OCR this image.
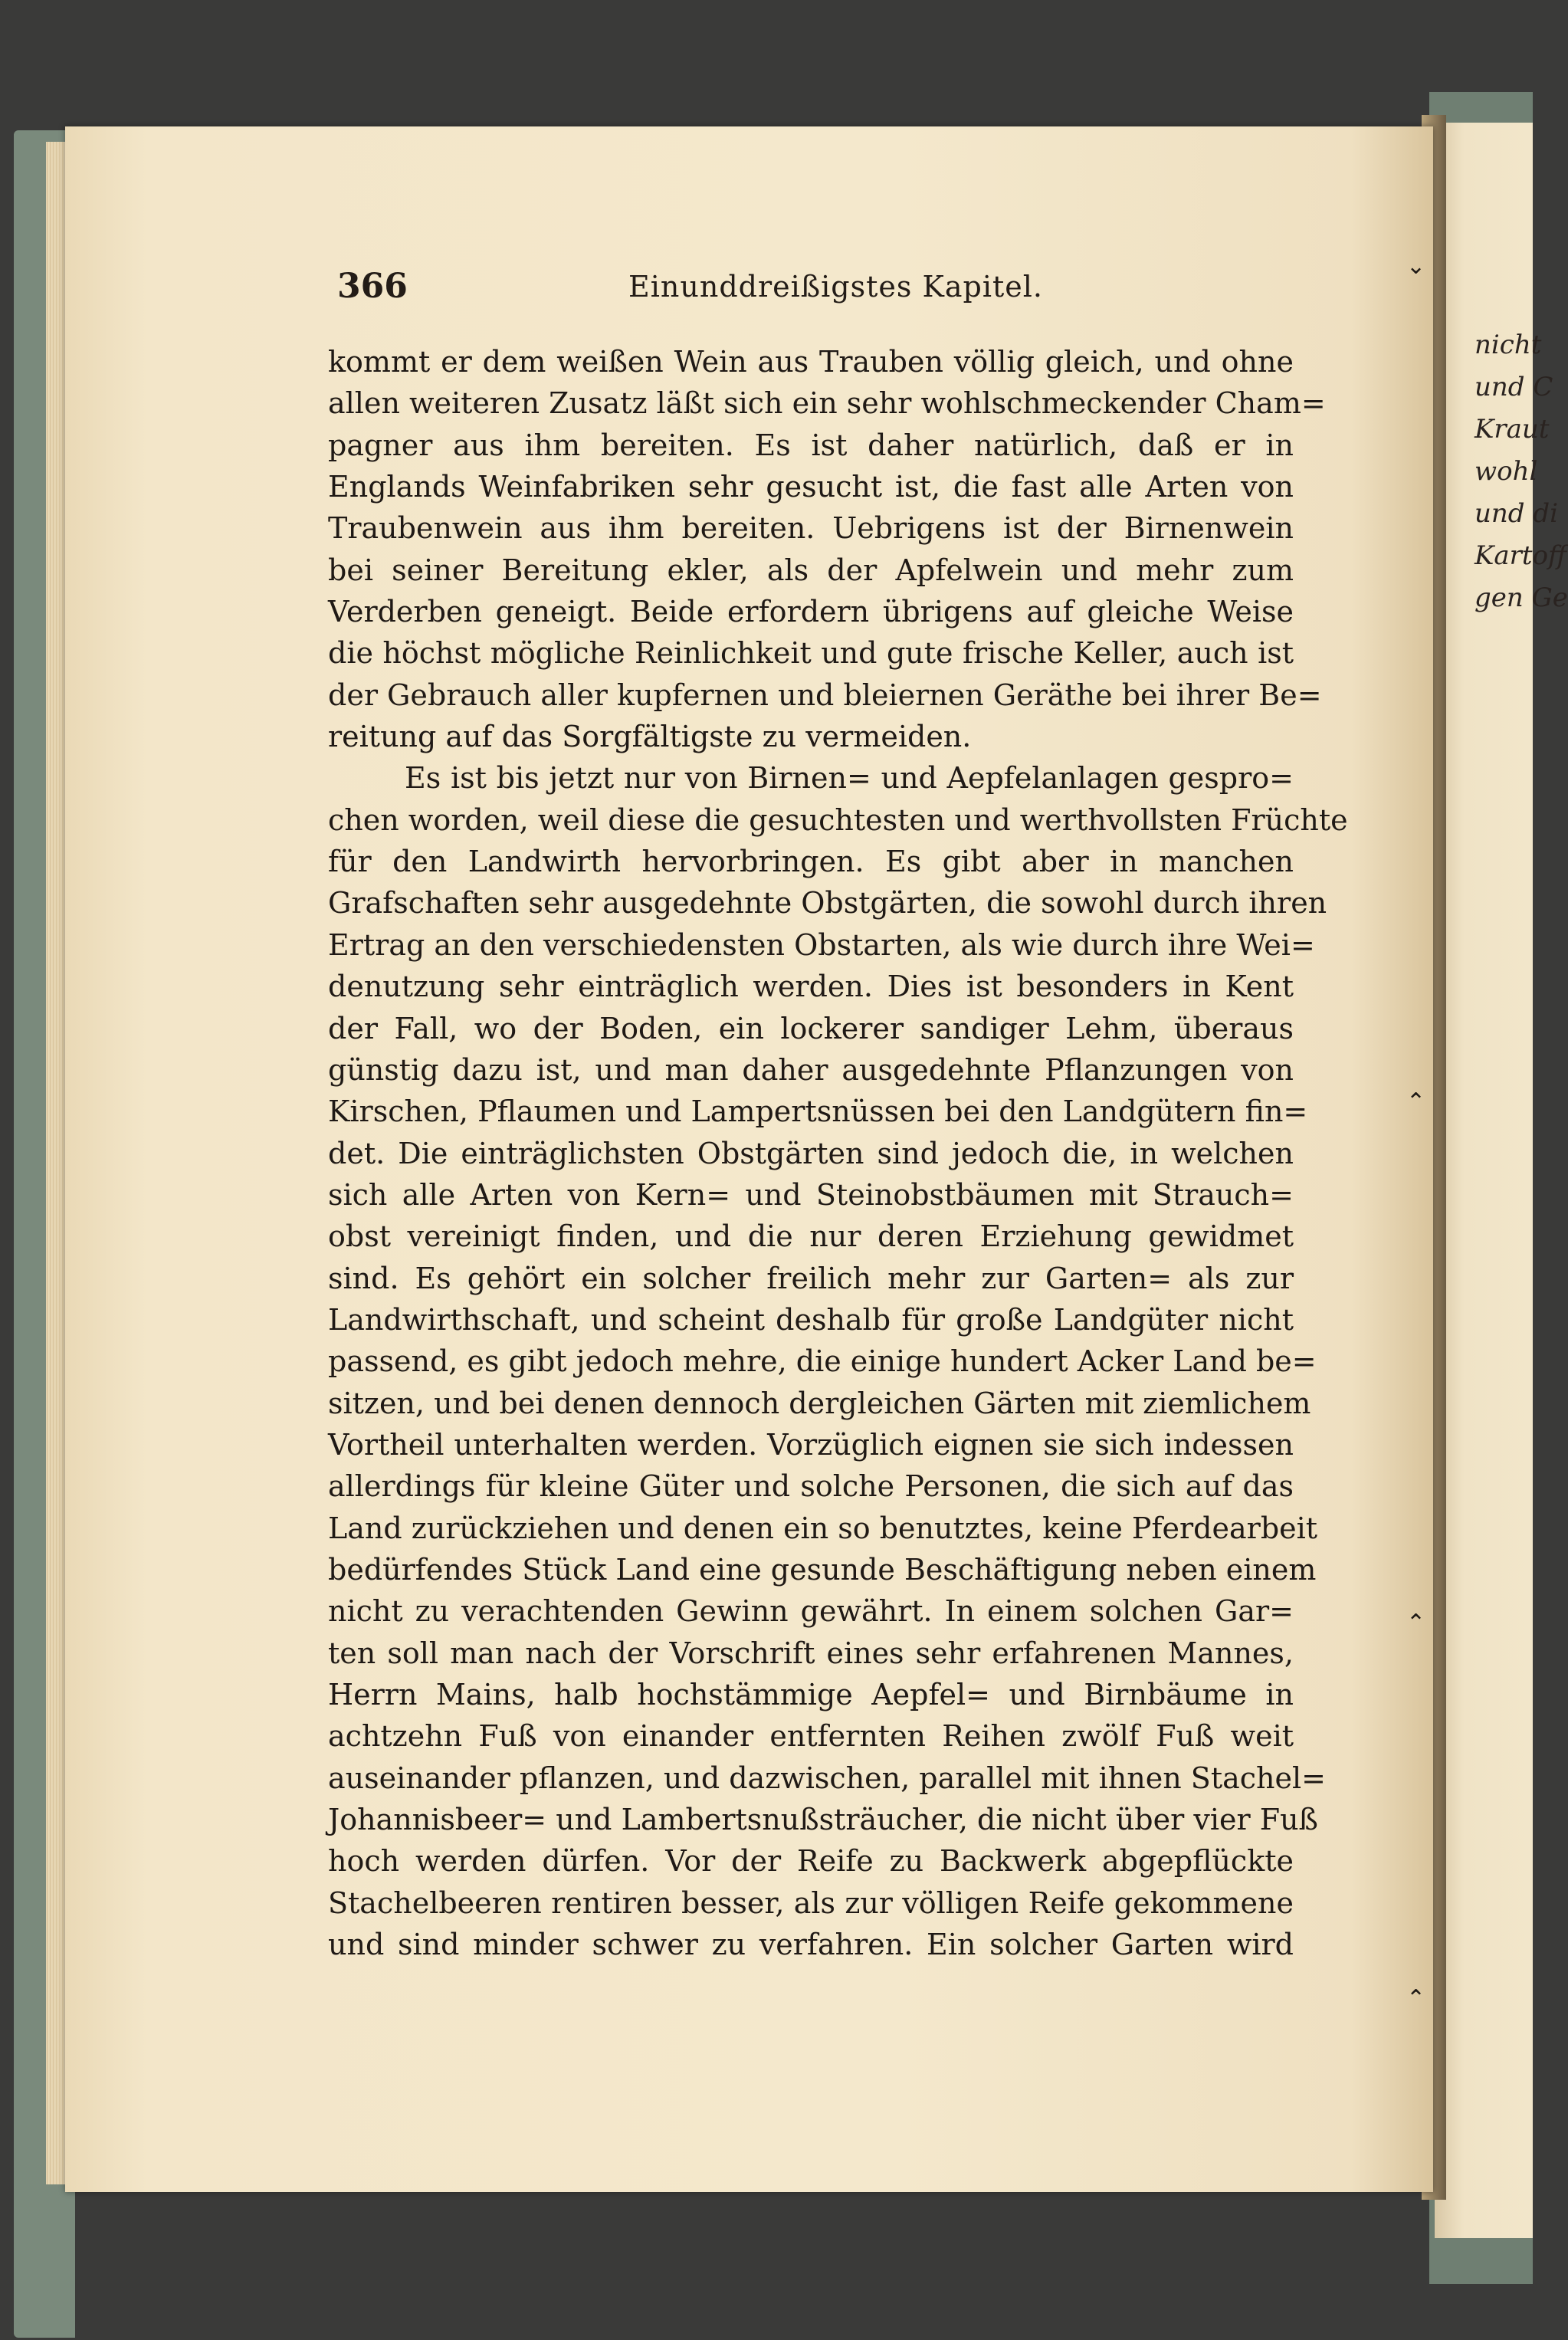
nicht
und C
Kraut
wohl
und di
Kartoff
gen Ge
⌄
⌃
⌃
⌃
366	Einunddreißigstes Kapitel.
kommt er dem weißen Wein aus Trauben völlig gleich, und ohne
allen weiteren Zusatz läßt sich ein sehr wohlschmeckender Cham=
pagner aus ihm bereiten. Es ist daher natürlich, daß er in
Englands Weinfabriken sehr gesucht ist, die fast alle Arten von
Traubenwein aus ihm bereiten. Uebrigens ist der Birnenwein
bei seiner Bereitung ekler, als der Apfelwein und mehr zum
Verderben geneigt. Beide erfordern übrigens auf gleiche Weise
die höchst mögliche Reinlichkeit und gute frische Keller, auch ist
der Gebrauch aller kupfernen und bleiernen Geräthe bei ihrer Be=
reitung auf das Sorgfältigste zu vermeiden.
Es ist bis jetzt nur von Birnen= und Aepfelanlagen gespro=
chen worden, weil diese die gesuchtesten und werthvollsten Früchte
für den Landwirth hervorbringen. Es gibt aber in manchen
Grafschaften sehr ausgedehnte Obstgärten, die sowohl durch ihren
Ertrag an den verschiedensten Obstarten, als wie durch ihre Wei=
denutzung sehr einträglich werden. Dies ist besonders in Kent
der Fall, wo der Boden, ein lockerer sandiger Lehm, überaus
günstig dazu ist, und man daher ausgedehnte Pflanzungen von
Kirschen, Pflaumen und Lampertsnüssen bei den Landgütern fin=
det. Die einträglichsten Obstgärten sind jedoch die, in welchen
sich alle Arten von Kern= und Steinobstbäumen mit Strauch=
obst vereinigt finden, und die nur deren Erziehung gewidmet
sind. Es gehört ein solcher freilich mehr zur Garten= als zur
Landwirthschaft, und scheint deshalb für große Landgüter nicht
passend, es gibt jedoch mehre, die einige hundert Acker Land be=
sitzen, und bei denen dennoch dergleichen Gärten mit ziemlichem
Vortheil unterhalten werden. Vorzüglich eignen sie sich indessen
allerdings für kleine Güter und solche Personen, die sich auf das
Land zurückziehen und denen ein so benutztes, keine Pferdearbeit
bedürfendes Stück Land eine gesunde Beschäftigung neben einem
nicht zu verachtenden Gewinn gewährt. In einem solchen Gar=
ten soll man nach der Vorschrift eines sehr erfahrenen Mannes,
Herrn Mains, halb hochstämmige Aepfel= und Birnbäume in
achtzehn Fuß von einander entfernten Reihen zwölf Fuß weit
auseinander pflanzen, und dazwischen, parallel mit ihnen Stachel=
Johannisbeer= und Lambertsnußsträucher, die nicht über vier Fuß
hoch werden dürfen. Vor der Reife zu Backwerk abgepflückte
Stachelbeeren rentiren besser, als zur völligen Reife gekommene
und sind minder schwer zu verfahren. Ein solcher Garten wird
